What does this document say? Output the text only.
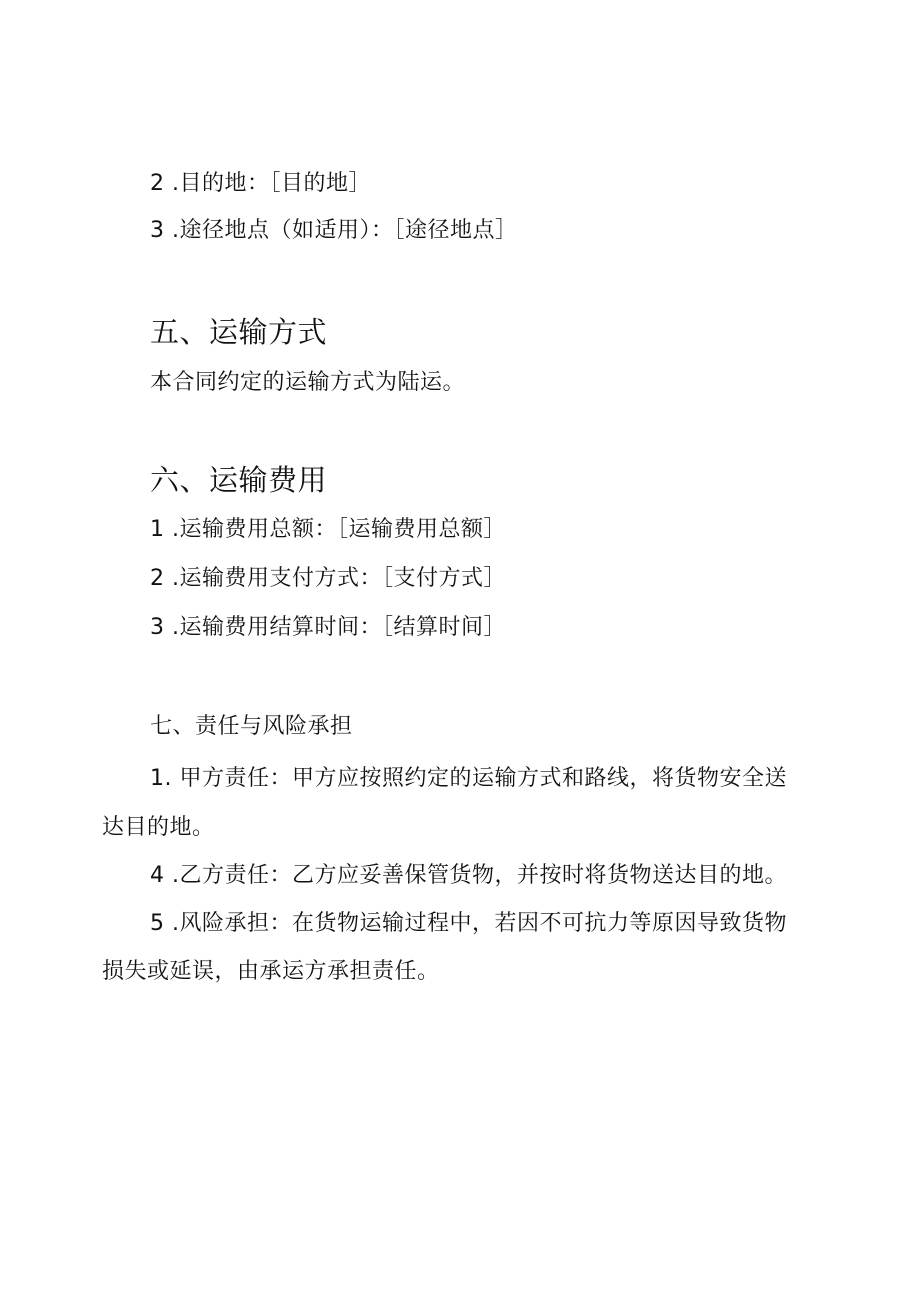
2 .目的地：［目的地］
3 .途径地点（如适用）：［途径地点］
五、运输方式
本合同约定的运输方式为陆运。
六、运输费用
1 .运输费用总额：［运输费用总额］
2 .运输费用支付方式：［支付方式］
3 .运输费用结算时间：［结算时间］
七、责任与风险承担
1. 甲方责任：甲方应按照约定的运输方式和路线，将货物安全送
达目的地。
4 .乙方责任：乙方应妥善保管货物，并按时将货物送达目的地。
5 .风险承担：在货物运输过程中，若因不可抗力等原因导致货物
损失或延误，由承运方承担责任。
